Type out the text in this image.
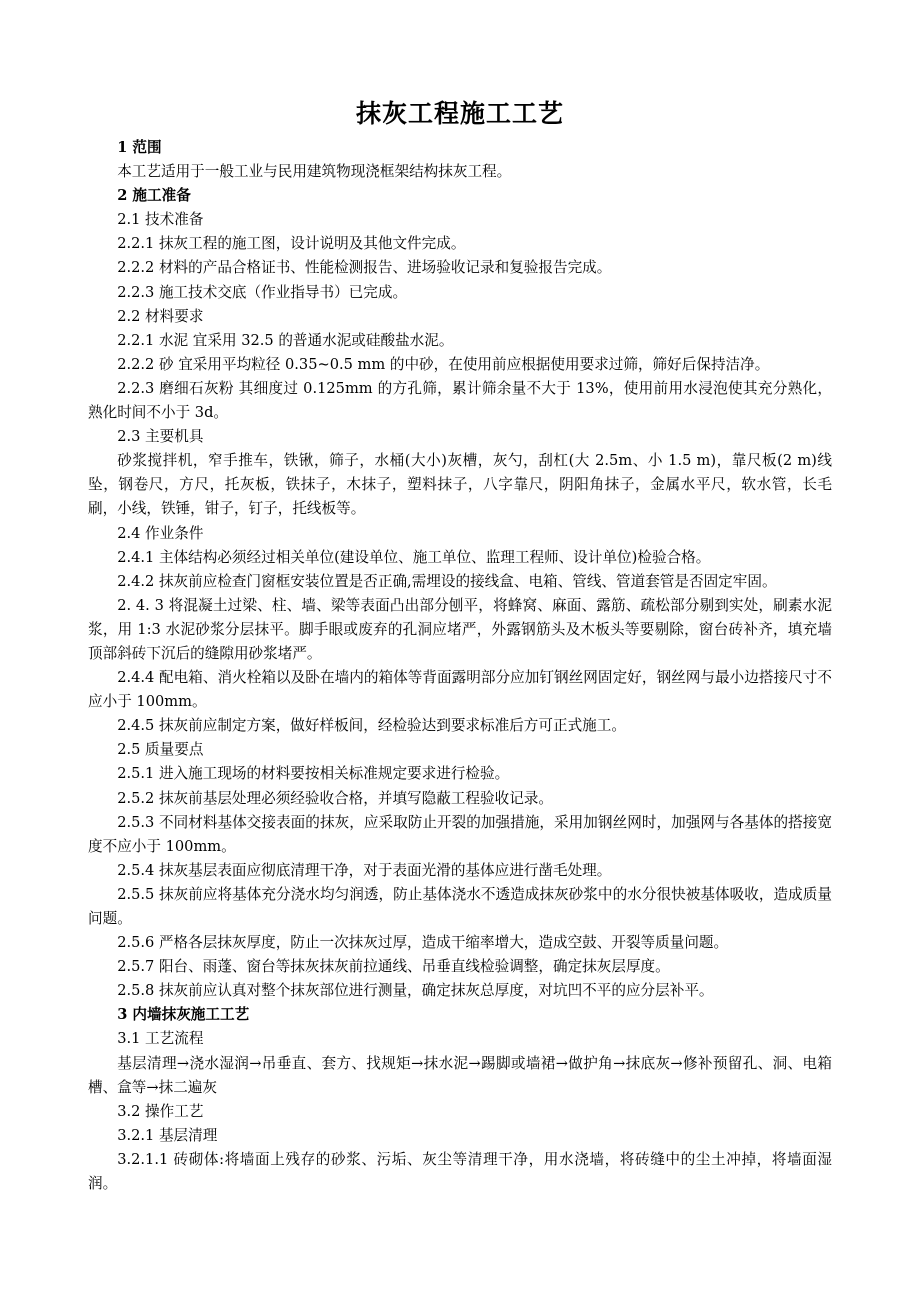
抹灰工程施工工艺

1 范围

本工艺适用于一般工业与民用建筑物现浇框架结构抹灰工程。

2 施工准备

2.1 技术准备

2.2.1 抹灰工程的施工图，设计说明及其他文件完成。

2.2.2 材料的产品合格证书、性能检测报告、进场验收记录和复验报告完成。

2.2.3 施工技术交底（作业指导书）已完成。

2.2 材料要求

2.2.1 水泥 宜采用 32.5 的普通水泥或硅酸盐水泥。

2.2.2 砂 宜采用平均粒径 0.35~0.5 mm 的中砂，在使用前应根据使用要求过筛，筛好后保持洁净。

2.2.3 磨细石灰粉 其细度过 0.125mm 的方孔筛，累计筛余量不大于 13%，使用前用水浸泡使其充分熟化，熟化时间不小于 3d。

2.3 主要机具

砂浆搅拌机，窄手推车，铁锹，筛子，水桶(大小)灰槽，灰勺，刮杠(大 2.5m、小 1.5 m)，靠尺板(2 m)线坠，钢卷尺，方尺，托灰板，铁抹子，木抹子，塑料抹子，八字靠尺，阴阳角抹子，金属水平尺，软水管，长毛刷，小线，铁锤，钳子，钉子，托线板等。

2.4 作业条件

2.4.1 主体结构必须经过相关单位(建设单位、施工单位、监理工程师、设计单位)检验合格。

2.4.2 抹灰前应检查门窗框安装位置是否正确,需埋设的接线盒、电箱、管线、管道套管是否固定牢固。

2. 4. 3 将混凝土过梁、柱、墙、梁等表面凸出部分刨平，将蜂窝、麻面、露筋、疏松部分剔到实处，刷素水泥浆，用 1:3 水泥砂浆分层抹平。脚手眼或废弃的孔洞应堵严，外露钢筋头及木板头等要剔除，窗台砖补齐，填充墙顶部斜砖下沉后的缝隙用砂浆堵严。

2.4.4 配电箱、消火栓箱以及卧在墙内的箱体等背面露明部分应加钉钢丝网固定好，钢丝网与最小边搭接尺寸不应小于 100mm。

2.4.5 抹灰前应制定方案，做好样板间，经检验达到要求标准后方可正式施工。

2.5 质量要点

2.5.1 进入施工现场的材料要按相关标准规定要求进行检验。

2.5.2 抹灰前基层处理必须经验收合格，并填写隐蔽工程验收记录。

2.5.3 不同材料基体交接表面的抹灰，应采取防止开裂的加强措施，采用加钢丝网时，加强网与各基体的搭接宽度不应小于 100mm。

2.5.4 抹灰基层表面应彻底清理干净，对于表面光滑的基体应进行凿毛处理。

2.5.5 抹灰前应将基体充分浇水均匀润透，防止基体浇水不透造成抹灰砂浆中的水分很快被基体吸收，造成质量问题。

2.5.6 严格各层抹灰厚度，防止一次抹灰过厚，造成干缩率增大，造成空鼓、开裂等质量问题。

2.5.7 阳台、雨蓬、窗台等抹灰抹灰前拉通线、吊垂直线检验调整，确定抹灰层厚度。

2.5.8 抹灰前应认真对整个抹灰部位进行测量，确定抹灰总厚度，对坑凹不平的应分层补平。

3 内墙抹灰施工工艺

3.1 工艺流程

基层清理→浇水湿润→吊垂直、套方、找规矩→抹水泥→踢脚或墙裙→做护角→抹底灰→修补预留孔、洞、电箱槽、盒等→抹二遍灰

3.2 操作工艺

3.2.1 基层清理

3.2.1.1 砖砌体:将墙面上残存的砂浆、污垢、灰尘等清理干净，用水浇墙，将砖缝中的尘土冲掉，将墙面湿润。
